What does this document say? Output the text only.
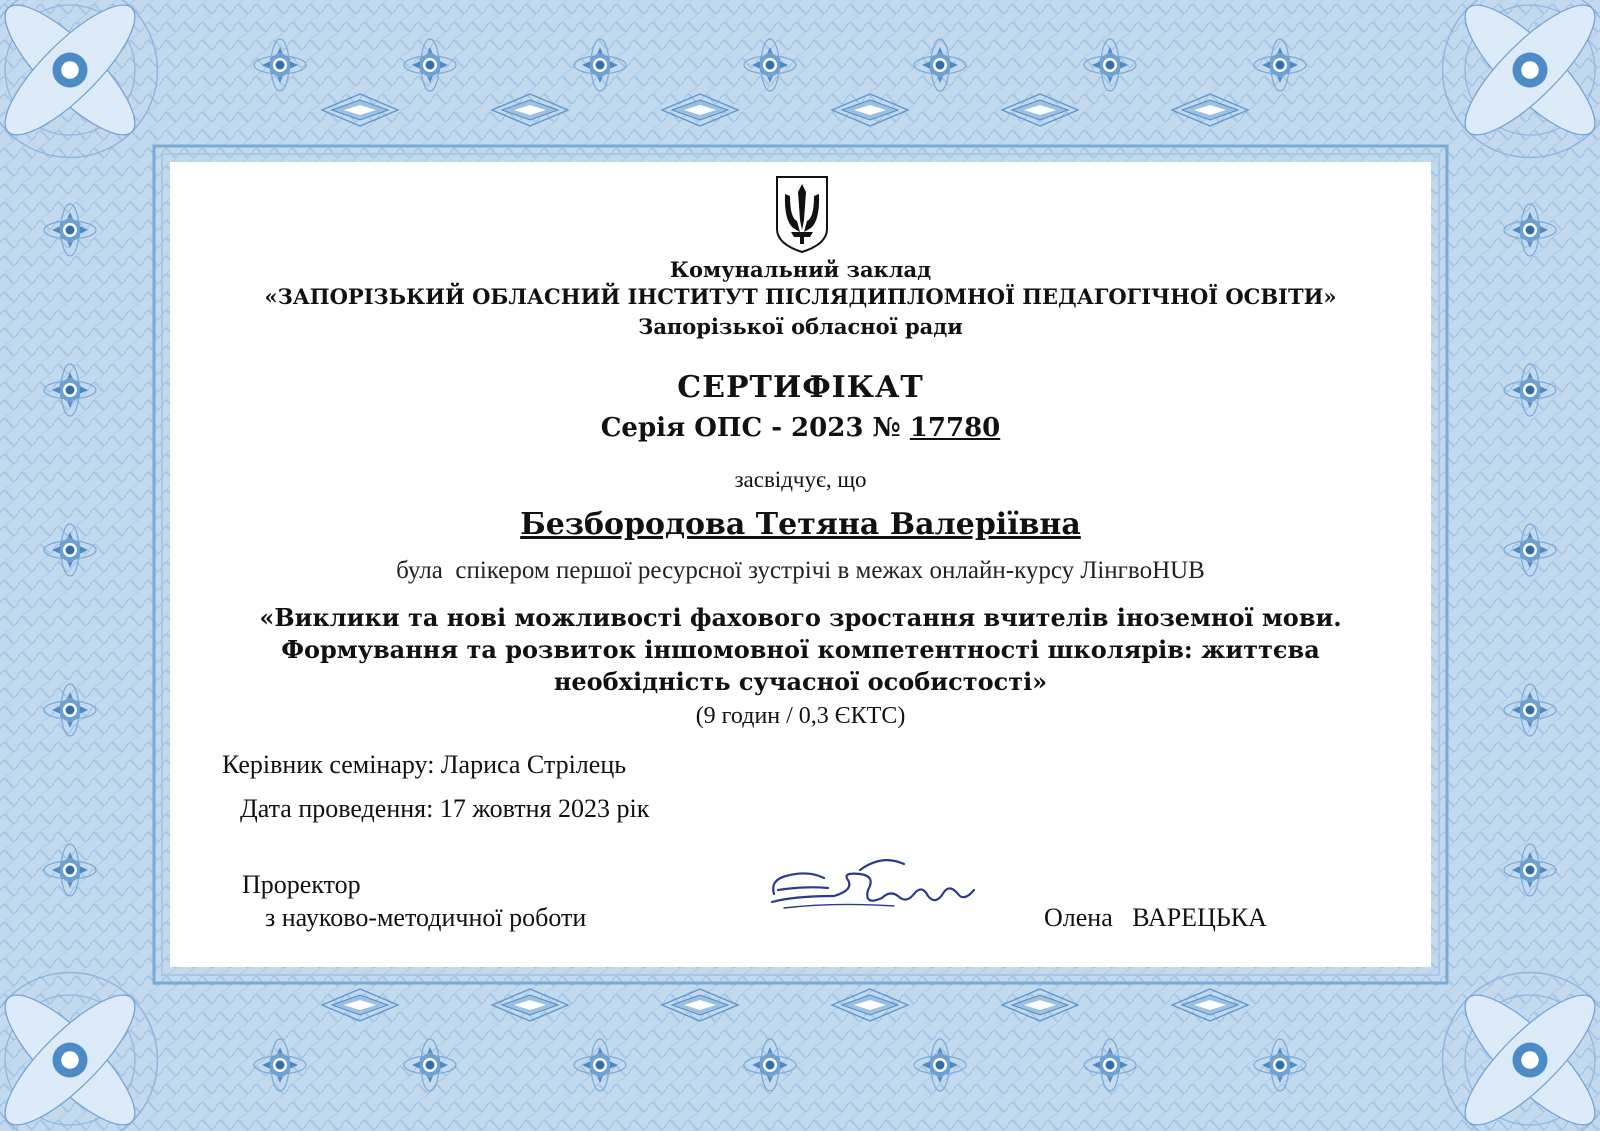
Комунальний заклад
«ЗАПОРІЗЬКИЙ ОБЛАСНИЙ ІНСТИТУТ ПІСЛЯДИПЛОМНОЇ ПЕДАГОГІЧНОЇ ОСВІТИ»
Запорізької обласної ради
СЕРТИФІКАТ
Серія ОПС - 2023 № 17780
засвідчує, що
Безбородова Тетяна Валеріївна
була  спікером першої ресурсної зустрічі в межах онлайн-курсу ЛінгвоHUB
«Виклики та нові можливості фахового зростання вчителів іноземної мови.
Формування та розвиток іншомовної компетентності школярів: життєва
необхідність сучасної особистості»
(9 годин / 0,3 ЄКТС)
Керівник семінару: Лариса Стрілець
Дата проведення: 17 жовтня 2023 рік
Проректор
з науково-методичної роботи	Олена   ВАРЕЦЬКА
